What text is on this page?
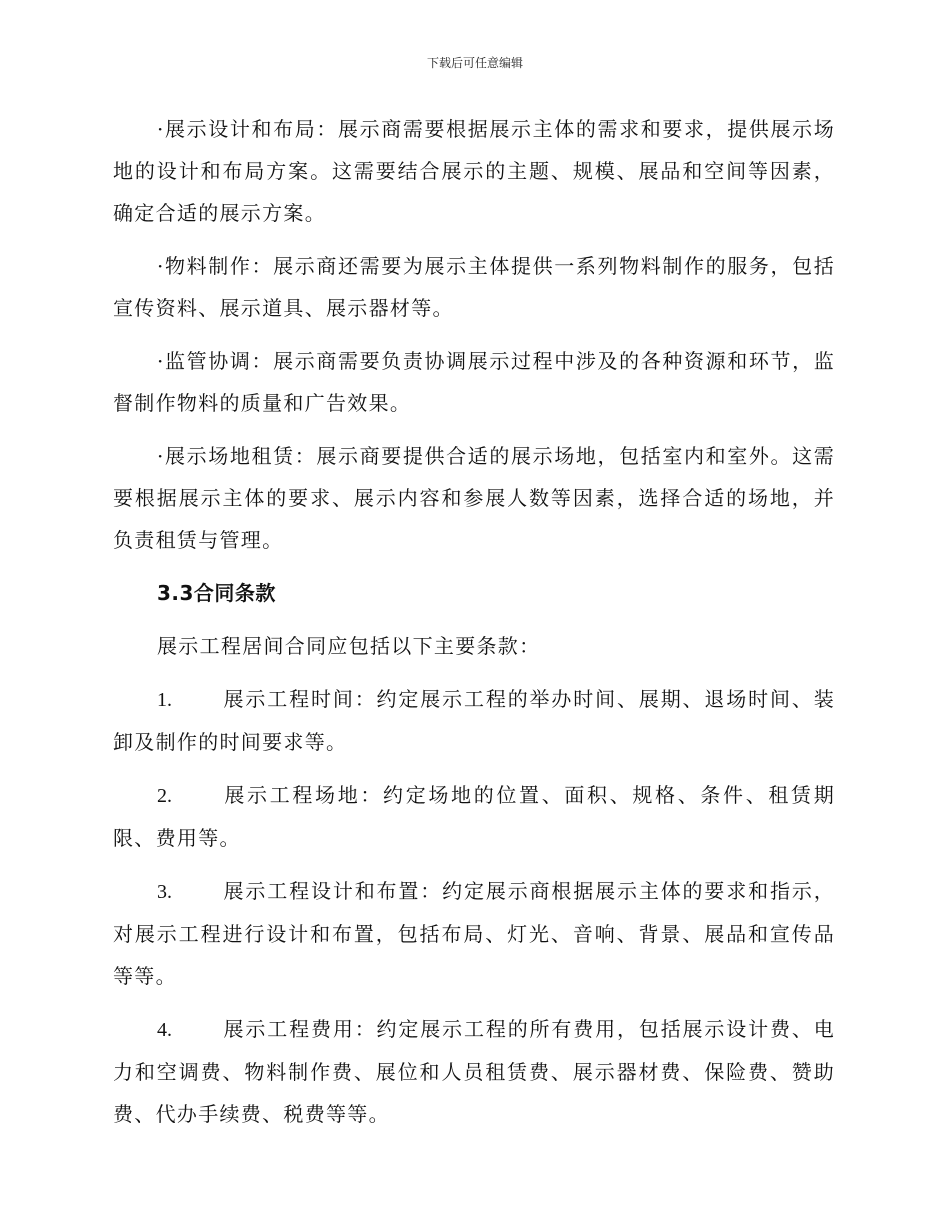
下载后可任意编辑

·展示设计和布局：展示商需要根据展示主体的需求和要求，提供展示场地的设计和布局方案。这需要结合展示的主题、规模、展品和空间等因素，确定合适的展示方案。

·物料制作：展示商还需要为展示主体提供一系列物料制作的服务，包括宣传资料、展示道具、展示器材等。

·监管协调：展示商需要负责协调展示过程中涉及的各种资源和环节，监督制作物料的质量和广告效果。

·展示场地租赁：展示商要提供合适的展示场地，包括室内和室外。这需要根据展示主体的要求、展示内容和参展人数等因素，选择合适的场地，并负责租赁与管理。

3.3合同条款

展示工程居间合同应包括以下主要条款：

1.	展示工程时间：约定展示工程的举办时间、展期、退场时间、装卸及制作的时间要求等。

2.	展示工程场地：约定场地的位置、面积、规格、条件、租赁期限、费用等。

3.	展示工程设计和布置：约定展示商根据展示主体的要求和指示，对展示工程进行设计和布置，包括布局、灯光、音响、背景、展品和宣传品等等。

4.	展示工程费用：约定展示工程的所有费用，包括展示设计费、电力和空调费、物料制作费、展位和人员租赁费、展示器材费、保险费、赞助费、代办手续费、税费等等。
